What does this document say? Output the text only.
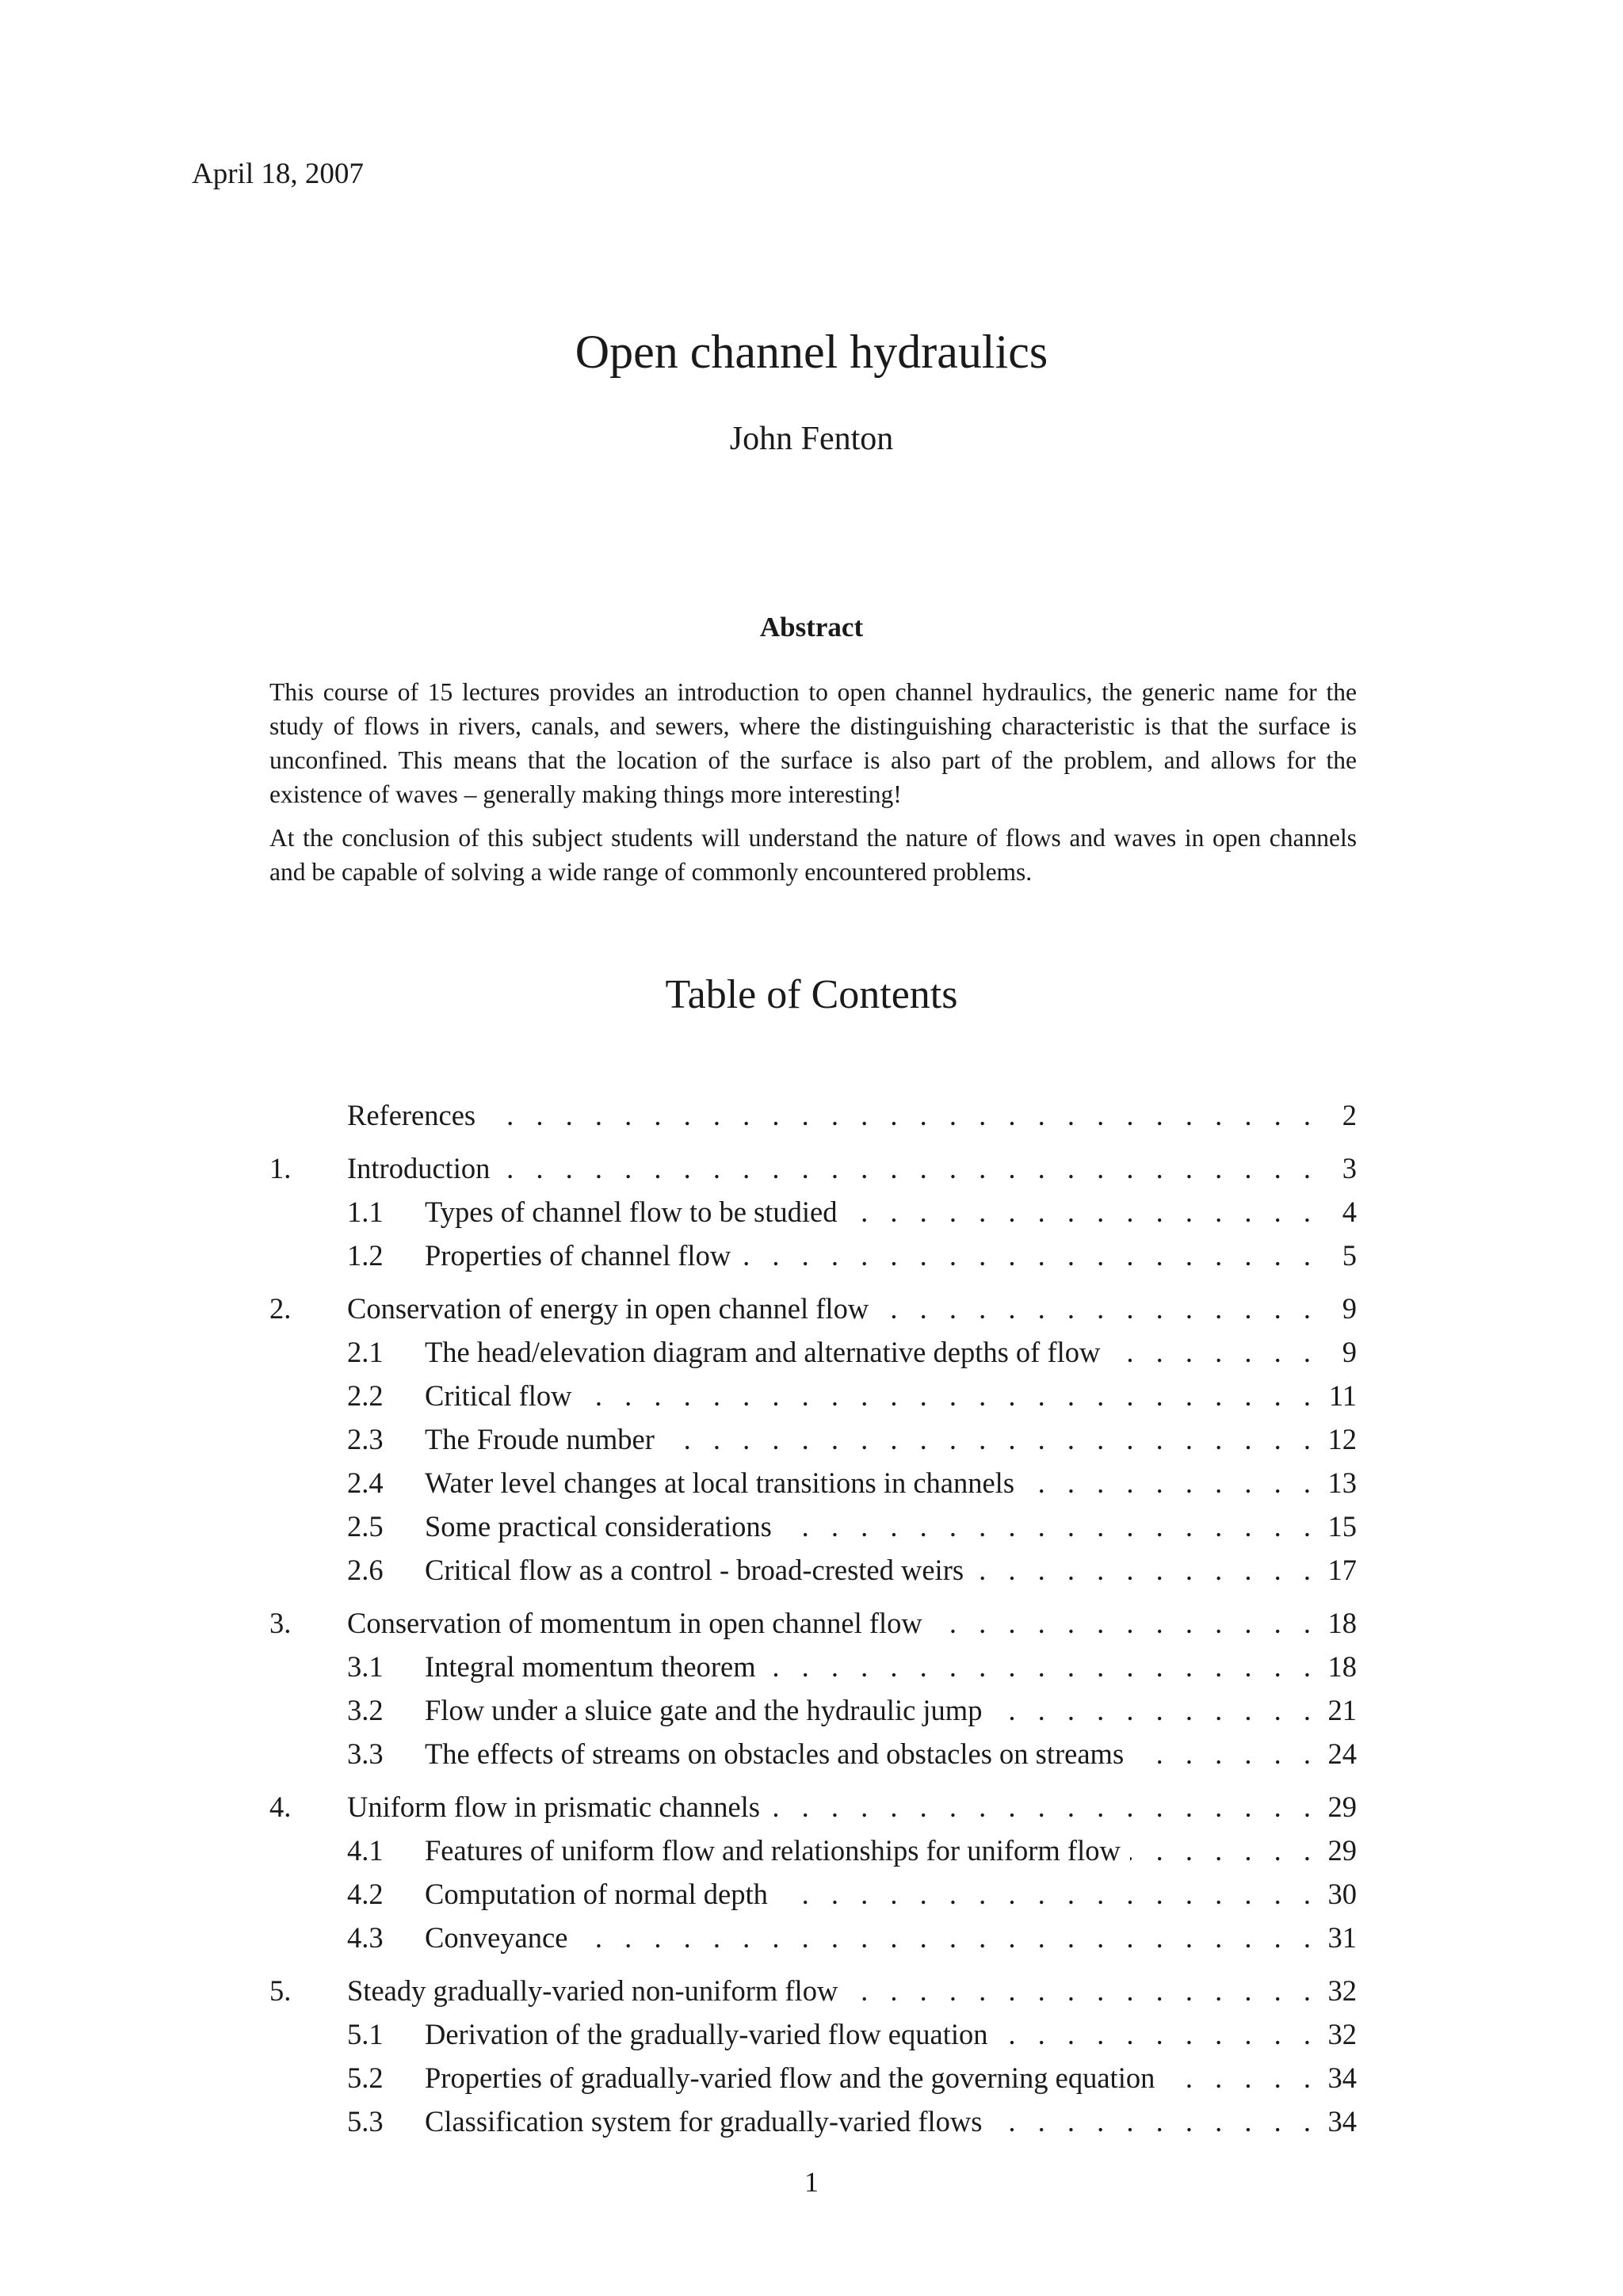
April 18, 2007
Open channel hydraulics
John Fenton
Abstract

This course of 15 lectures provides an introduction to open channel hydraulics, the generic name for the study of flows in rivers, canals, and sewers, where the distinguishing characteristic is that the surface is unconfined. This means that the location of the surface is also part of the problem, and allows for the existence of waves – generally making things more interesting!

At the conclusion of this subject students will understand the nature of flows and waves in open channels and be capable of solving a wide range of commonly encountered problems.

Table of Contents
References . . .	2
1.	Introduction . . .	3
1.1	Types of channel flow to be studied . . .	4
1.2	Properties of channel flow . . .	5
2.	Conservation of energy in open channel flow . . .	9
2.1	The head/elevation diagram and alternative depths of flow . . .	9
2.2	Critical flow . . .	11
2.3	The Froude number . . .	12
2.4	Water level changes at local transitions in channels . . .	13
2.5	Some practical considerations . . .	15
2.6	Critical flow as a control - broad-crested weirs . . .	17
3.	Conservation of momentum in open channel flow . . .	18
3.1	Integral momentum theorem . . .	18
3.2	Flow under a sluice gate and the hydraulic jump . . .	21
3.3	The effects of streams on obstacles and obstacles on streams . . .	24
4.	Uniform flow in prismatic channels . . .	29
4.1	Features of uniform flow and relationships for uniform flow . . .	29
4.2	Computation of normal depth . . .	30
4.3	Conveyance . . .	31
5.	Steady gradually-varied non-uniform flow . . .	32
5.1	Derivation of the gradually-varied flow equation . . .	32
5.2	Properties of gradually-varied flow and the governing equation . . .	34
5.3	Classification system for gradually-varied flows . . .	34
1
